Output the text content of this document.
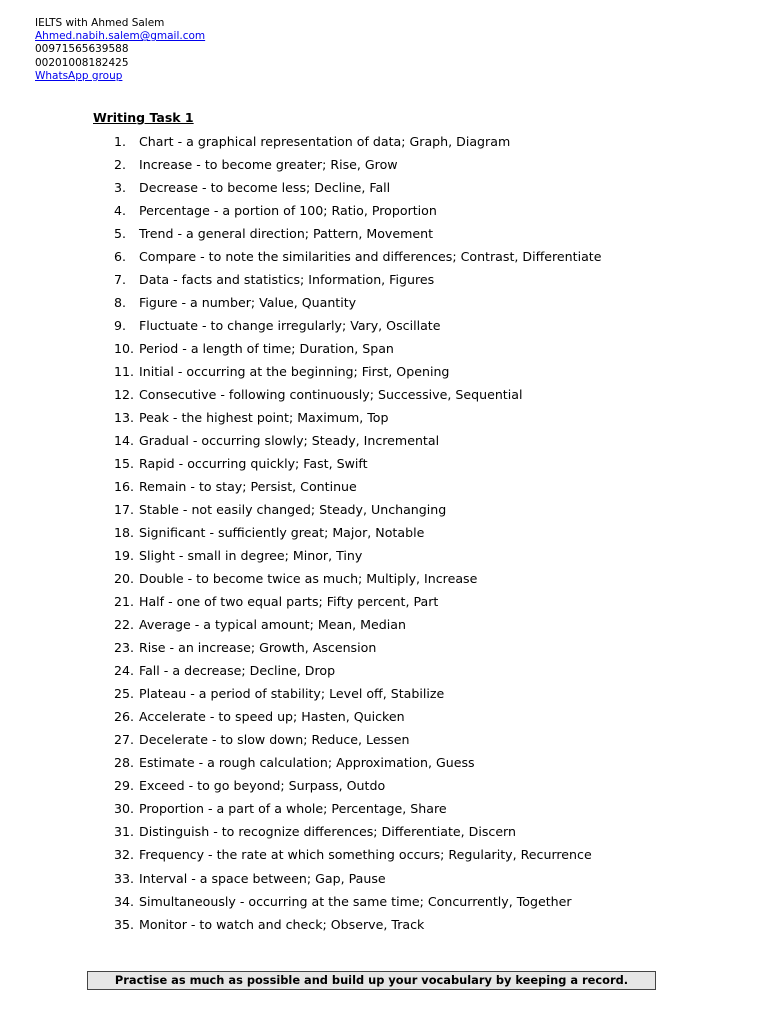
IELTS with Ahmed Salem
Ahmed.nabih.salem@gmail.com
00971565639588
00201008182425
WhatsApp group
Writing Task 1
1.	Chart - a graphical representation of data; Graph, Diagram
2.	Increase - to become greater; Rise, Grow
3.	Decrease - to become less; Decline, Fall
4.	Percentage - a portion of 100; Ratio, Proportion
5.	Trend - a general direction; Pattern, Movement
6.	Compare - to note the similarities and differences; Contrast, Differentiate
7.	Data - facts and statistics; Information, Figures
8.	Figure - a number; Value, Quantity
9.	Fluctuate - to change irregularly; Vary, Oscillate
10. Period - a length of time; Duration, Span
11. Initial - occurring at the beginning; First, Opening
12. Consecutive - following continuously; Successive, Sequential
13. Peak - the highest point; Maximum, Top
14. Gradual - occurring slowly; Steady, Incremental
15. Rapid - occurring quickly; Fast, Swift
16. Remain - to stay; Persist, Continue
17. Stable - not easily changed; Steady, Unchanging
18. Significant - sufficiently great; Major, Notable
19. Slight - small in degree; Minor, Tiny
20. Double - to become twice as much; Multiply, Increase
21. Half - one of two equal parts; Fifty percent, Part
22. Average - a typical amount; Mean, Median
23. Rise - an increase; Growth, Ascension
24. Fall - a decrease; Decline, Drop
25. Plateau - a period of stability; Level off, Stabilize
26. Accelerate - to speed up; Hasten, Quicken
27. Decelerate - to slow down; Reduce, Lessen
28. Estimate - a rough calculation; Approximation, Guess
29. Exceed - to go beyond; Surpass, Outdo
30. Proportion - a part of a whole; Percentage, Share
31. Distinguish - to recognize differences; Differentiate, Discern
32. Frequency - the rate at which something occurs; Regularity, Recurrence
33. Interval - a space between; Gap, Pause
34. Simultaneously - occurring at the same time; Concurrently, Together
35. Monitor - to watch and check; Observe, Track
Practise as much as possible and build up your vocabulary by keeping a record.
